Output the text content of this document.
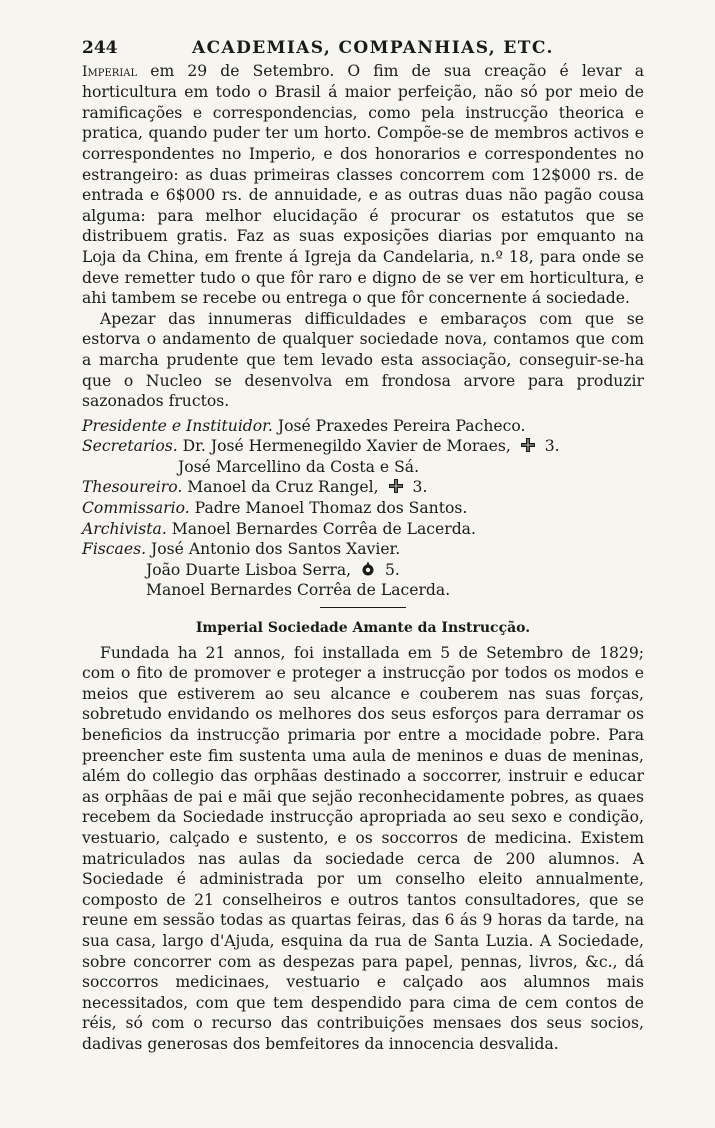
244	ACADEMIAS, COMPANHIAS, ETC.

Imperial em 29 de Setembro. O fim de sua creação é levar a horticultura em todo o Brasil á maior perfeição, não só por meio de ramificações e correspondencias, como pela instrucção theorica e pratica, quando puder ter um horto. Compõe-se de membros activos e correspondentes no Imperio, e dos honorarios e correspondentes no estrangeiro: as duas primeiras classes concorrem com 12$000 rs. de entrada e 6$000 rs. de annuidade, e as outras duas não pagão cousa alguma: para melhor elucidação é procurar os estatutos que se distribuem gratis. Faz as suas exposições diarias por emquanto na Loja da China, em frente á Igreja da Candelaria, n.º 18, para onde se deve remetter tudo o que fôr raro e digno de se ver em horticultura, e ahi tambem se recebe ou entrega o que fôr concernente á sociedade.

Apezar das innumeras difficuldades e embaraços com que se estorva o andamento de qualquer sociedade nova, contamos que com a marcha prudente que tem levado esta associação, conseguir-se-ha que o Nucleo se desenvolva em frondosa arvore para produzir sazonados fructos.

Presidente e Instituidor. José Praxedes Pereira Pacheco.
Secretarios. Dr. José Hermenegildo Xavier de Moraes, 3.
José Marcellino da Costa e Sá.
Thesoureiro. Manoel da Cruz Rangel, 3.
Commissario. Padre Manoel Thomaz dos Santos.
Archivista. Manoel Bernardes Corrêa de Lacerda.
Fiscaes. José Antonio dos Santos Xavier.
João Duarte Lisboa Serra, 5.
Manoel Bernardes Corrêa de Lacerda.
Imperial Sociedade Amante da Instrucção.

Fundada ha 21 annos, foi installada em 5 de Setembro de 1829; com o fito de promover e proteger a instrucção por todos os modos e meios que estiverem ao seu alcance e couberem nas suas forças, sobretudo envidando os melhores dos seus esforços para derramar os beneficios da instrucção primaria por entre a mocidade pobre. Para preencher este fim sustenta uma aula de meninos e duas de meninas, além do collegio das orphãas destinado a soccorrer, instruir e educar as orphãas de pai e mãi que sejão reconhecidamente pobres, as quaes recebem da Sociedade instrucção apropriada ao seu sexo e condição, vestuario, calçado e sustento, e os soccorros de medicina. Existem matriculados nas aulas da sociedade cerca de 200 alumnos. A Sociedade é administrada por um conselho eleito annualmente, composto de 21 conselheiros e outros tantos consultadores, que se reune em sessão todas as quartas feiras, das 6 ás 9 horas da tarde, na sua casa, largo d'Ajuda, esquina da rua de Santa Luzia. A Sociedade, sobre concorrer com as despezas para papel, pennas, livros, &c., dá soccorros medicinaes, vestuario e calçado aos alumnos mais necessitados, com que tem despendido para cima de cem contos de réis, só com o recurso das contribuições mensaes dos seus socios, dadivas generosas dos bemfeitores da innocencia desvalida.
